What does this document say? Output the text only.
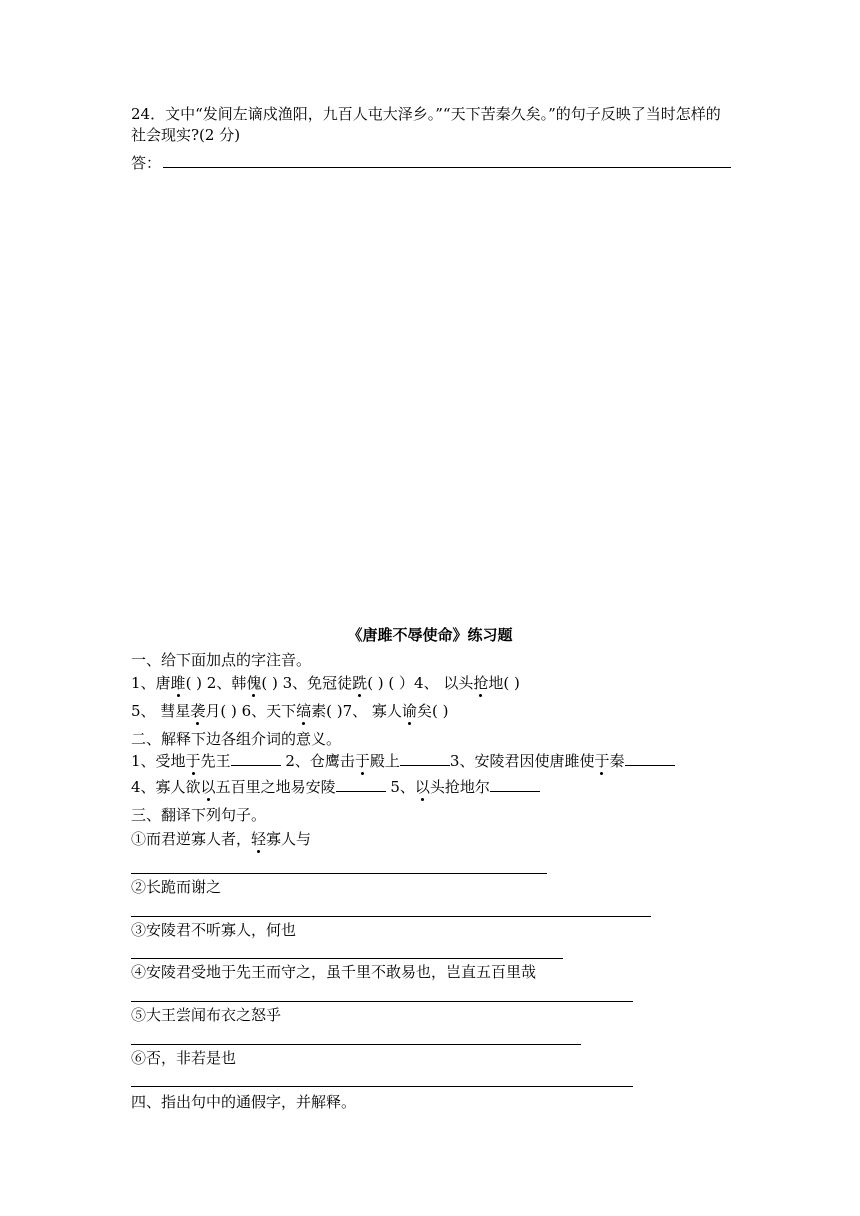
24．文中“发间左谪戍渔阳，九百人屯大泽乡。”“天下苦秦久矣。”的句子反映了当时怎样的社会现实?(2 分)
答：
《唐雎不辱使命》练习题
一、给下面加点的字注音。
1、唐雎( ) 2、韩傀( ) 3、免冠徒跣( ) ( ）4、 以头抢地( )
5、 彗星袭月( ) 6、天下缟素( )7、 寡人谕矣( )
二、解释下边各组介词的意义。
1、受地于先王	2、仓鹰击于殿上	3、安陵君因使唐雎使于秦
4、寡人欲以五百里之地易安陵	5、以头抢地尔
三、翻译下列句子。
①而君逆寡人者，轻寡人与
②长跪而谢之
③安陵君不听寡人，何也
④安陵君受地于先王而守之，虽千里不敢易也，岂直五百里哉
⑤大王尝闻布衣之怒乎
⑥否，非若是也
四、指出句中的通假字，并解释。
